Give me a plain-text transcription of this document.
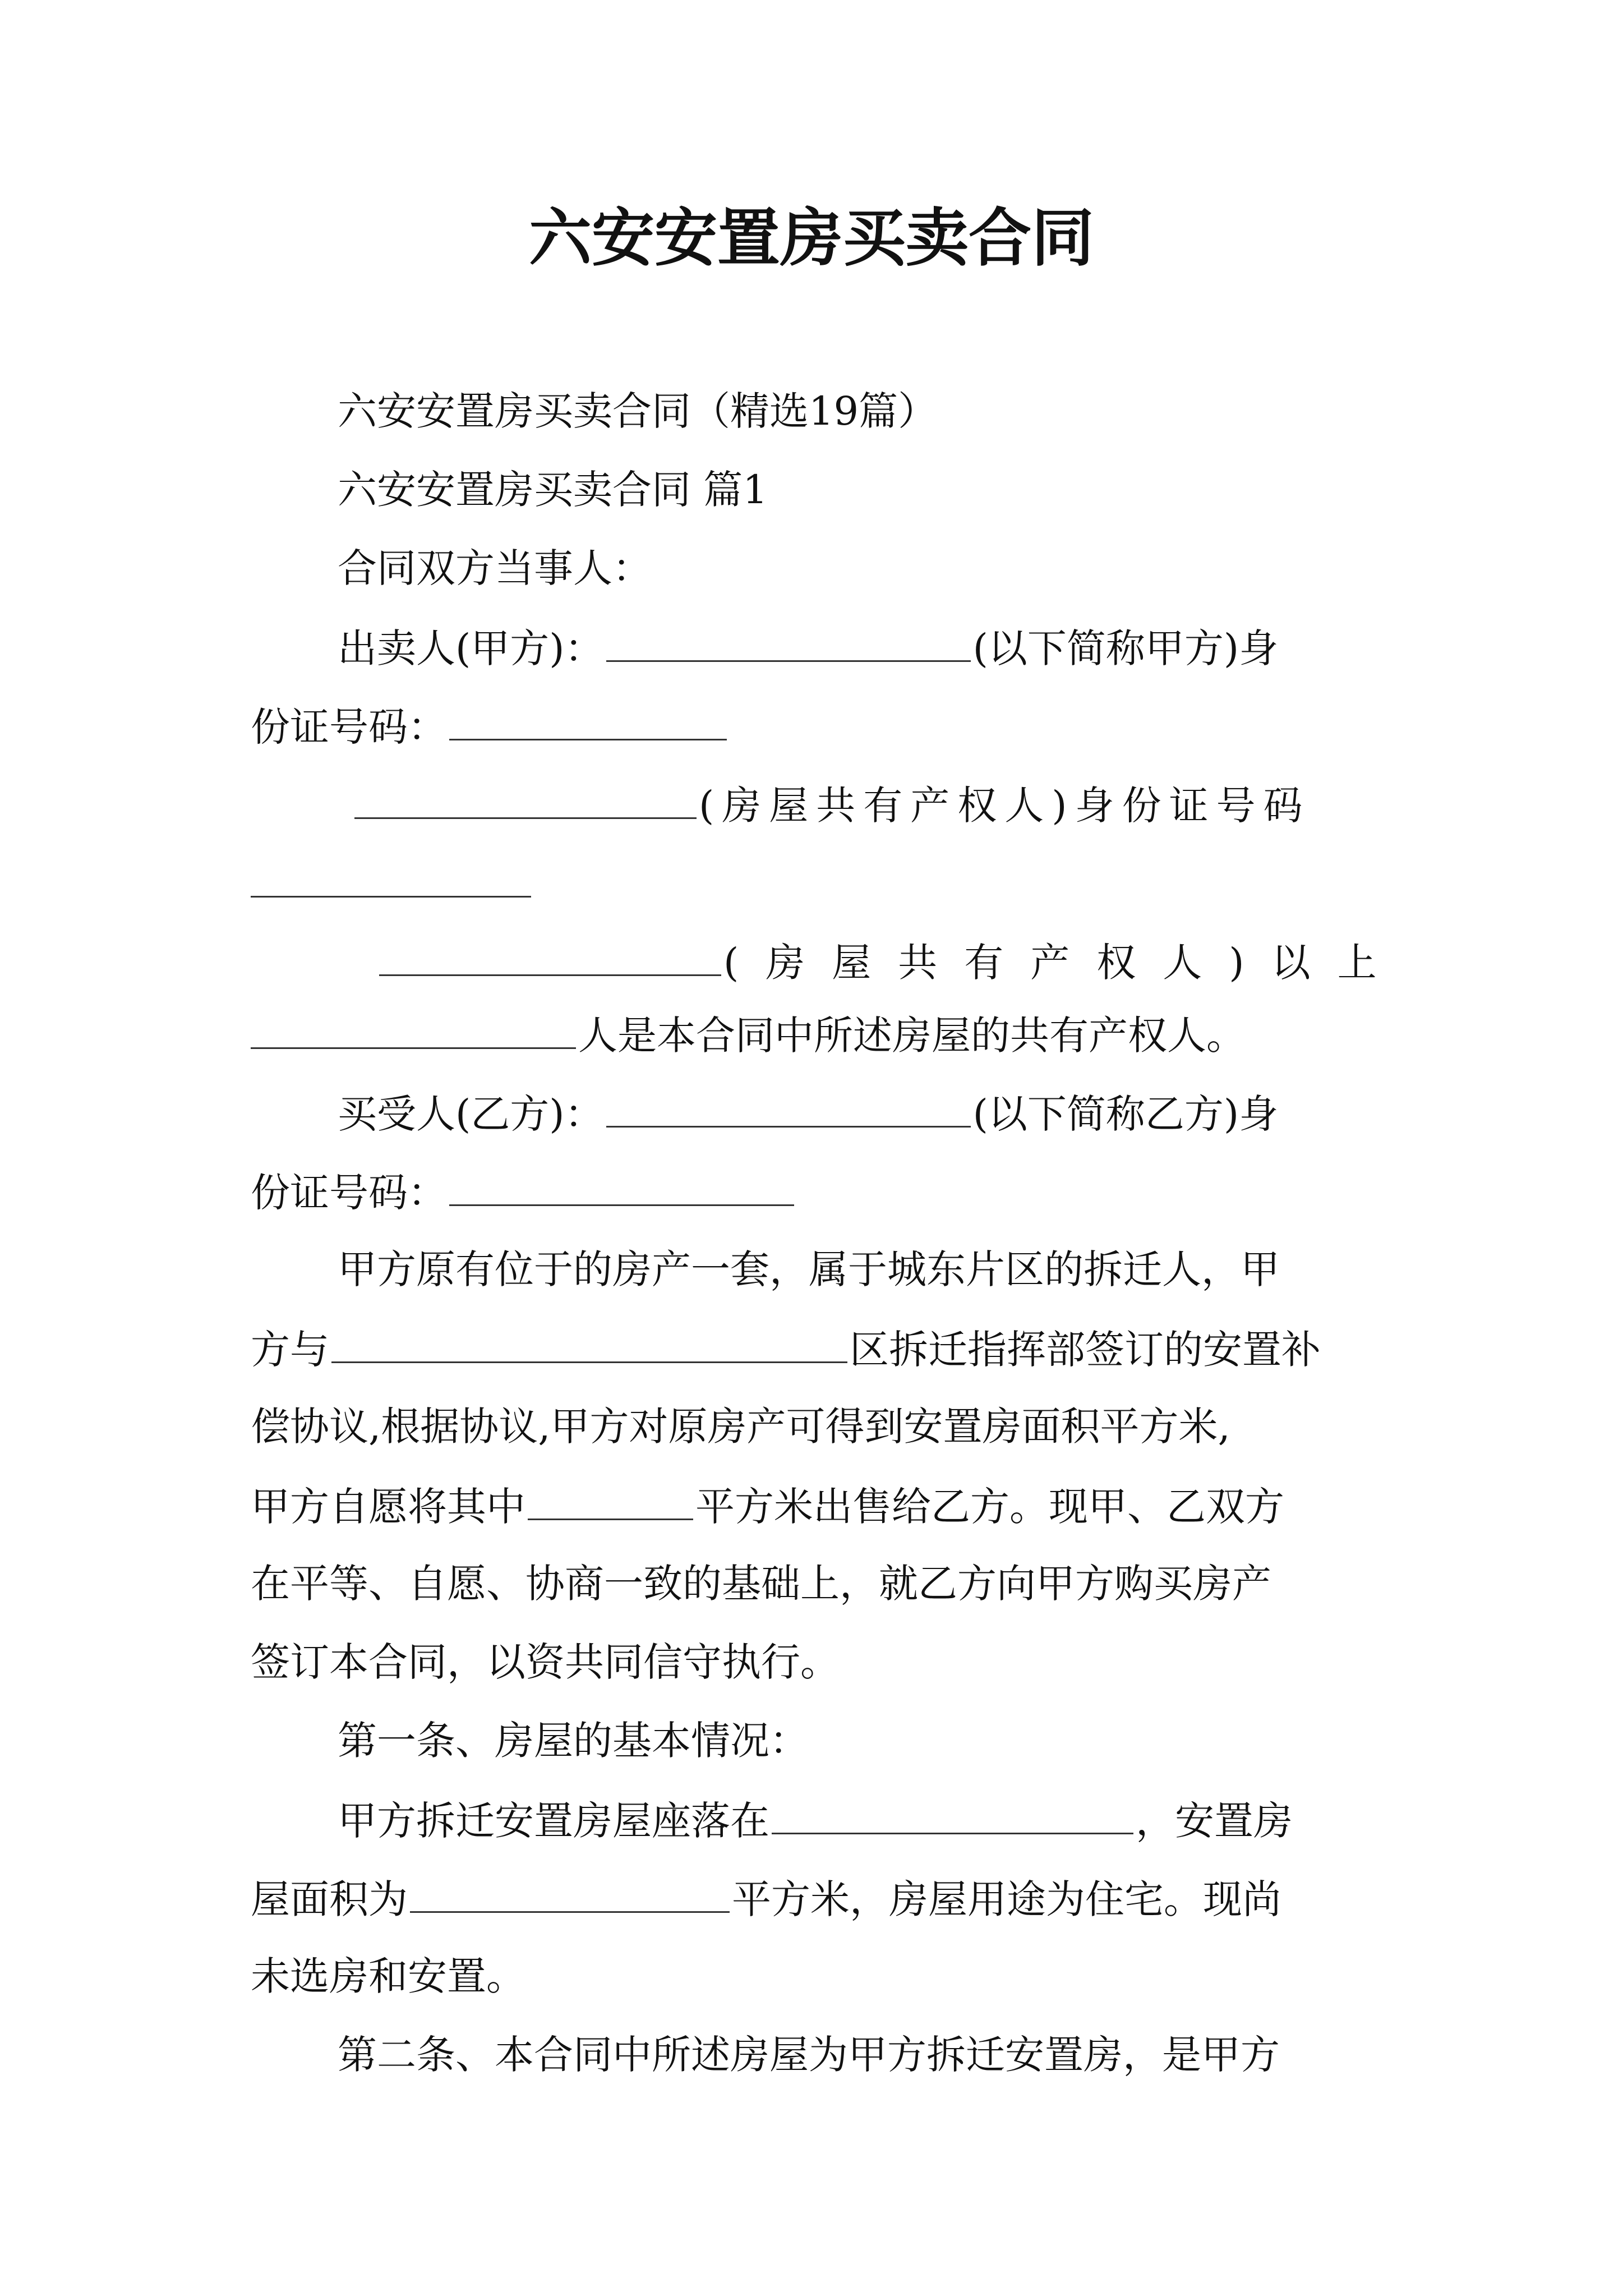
六安安置房买卖合同

六安安置房买卖合同（精选19篇）

六安安置房买卖合同 篇1

合同双方当事人：

出卖人(甲方)：	(以下简称甲方)身

份证号码：

(房屋共有产权人)身份证号码

(房屋共有产权人)以上

人是本合同中所述房屋的共有产权人。

买受人(乙方)：	(以下简称乙方)身

份证号码：

甲方原有位于的房产一套，属于城东片区的拆迁人，甲

方与	区拆迁指挥部签订的安置补

偿协议,根据协议,甲方对原房产可得到安置房面积平方米,

甲方自愿将其中	平方米出售给乙方。现甲、乙双方

在平等、自愿、协商一致的基础上，就乙方向甲方购买房产

签订本合同，以资共同信守执行。

第一条、房屋的基本情况：

甲方拆迁安置房屋座落在	，安置房

屋面积为	平方米，房屋用途为住宅。现尚

未选房和安置。

第二条、本合同中所述房屋为甲方拆迁安置房，是甲方
